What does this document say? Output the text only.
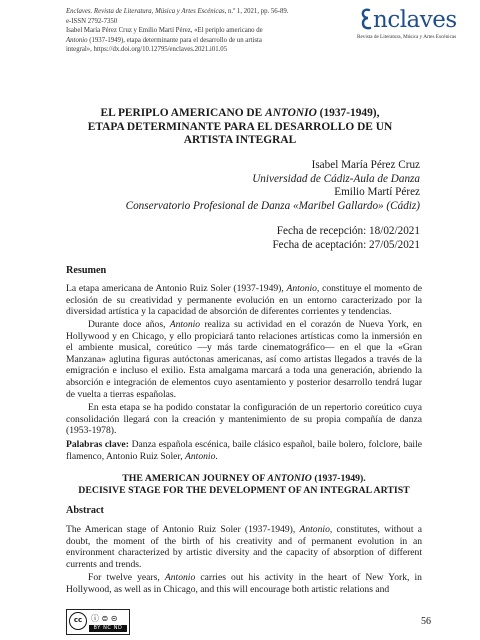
Enclaves. Revista de Literatura, Música y Artes Escénicas, n.º 1, 2021, pp. 56-89.
e-ISSN 2792-7350
Isabel María Pérez Cruz y Emilio Martí Pérez, «El periplo americano de
Antonio (1937-1949), etapa determinante para el desarrollo de un artista
integral», https://dx.doi.org/10.12795/enclaves.2021.i01.05
nclaves
Revista de Literatura, Música y Artes Escénicas
EL PERIPLO AMERICANO DE ANTONIO (1937-1949),
ETAPA DETERMINANTE PARA EL DESARROLLO DE UN
ARTISTA INTEGRAL
Isabel María Pérez Cruz
Universidad de Cádiz-Aula de Danza
Emilio Martí Pérez
Conservatorio Profesional de Danza «Maribel Gallardo» (Cádiz)
Fecha de recepción: 18/02/2021
Fecha de aceptación: 27/05/2021
Resumen
La etapa americana de Antonio Ruiz Soler (1937-1949), Antonio, constituye el momento de eclosión de su creatividad y permanente evolución en un entorno caracterizado por la diversidad artística y la capacidad de absorción de diferentes corrientes y tendencias.
Durante doce años, Antonio realiza su actividad en el corazón de Nueva York, en Hollywood y en Chicago, y ello propiciará tanto relaciones artísticas como la inmersión en el ambiente musical, coreútico —y más tarde cinematográfico— en el que la «Gran Manzana» aglutina figuras autóctonas americanas, así como artistas llegados a través de la emigración e incluso el exilio. Esta amalgama marcará a toda una generación, abriendo la absorción e integración de elementos cuyo asentamiento y posterior desarrollo tendrá lugar de vuelta a tierras españolas.
En esta etapa se ha podido constatar la configuración de un repertorio coreútico cuya consolidación llegará con la creación y mantenimiento de su propia compañía de danza (1953-1978).
Palabras clave: Danza española escénica, baile clásico español, baile bolero, folclore, baile flamenco, Antonio Ruiz Soler, Antonio.
THE AMERICAN JOURNEY OF ANTONIO (1937-1949).
DECISIVE STAGE FOR THE DEVELOPMENT OF AN INTEGRAL ARTIST
Abstract
The American stage of Antonio Ruiz Soler (1937-1949), Antonio, constitutes, without a doubt, the moment of the birth of his creativity and of permanent evolution in an environment characterized by artistic diversity and the capacity of absorption of different currents and trends.
For twelve years, Antonio carries out his activity in the heart of New York, in Hollywood, as well as in Chicago, and this will encourage both artistic relations and
cc	ⓘ ⊜ ⊝
BY NC ND
56
